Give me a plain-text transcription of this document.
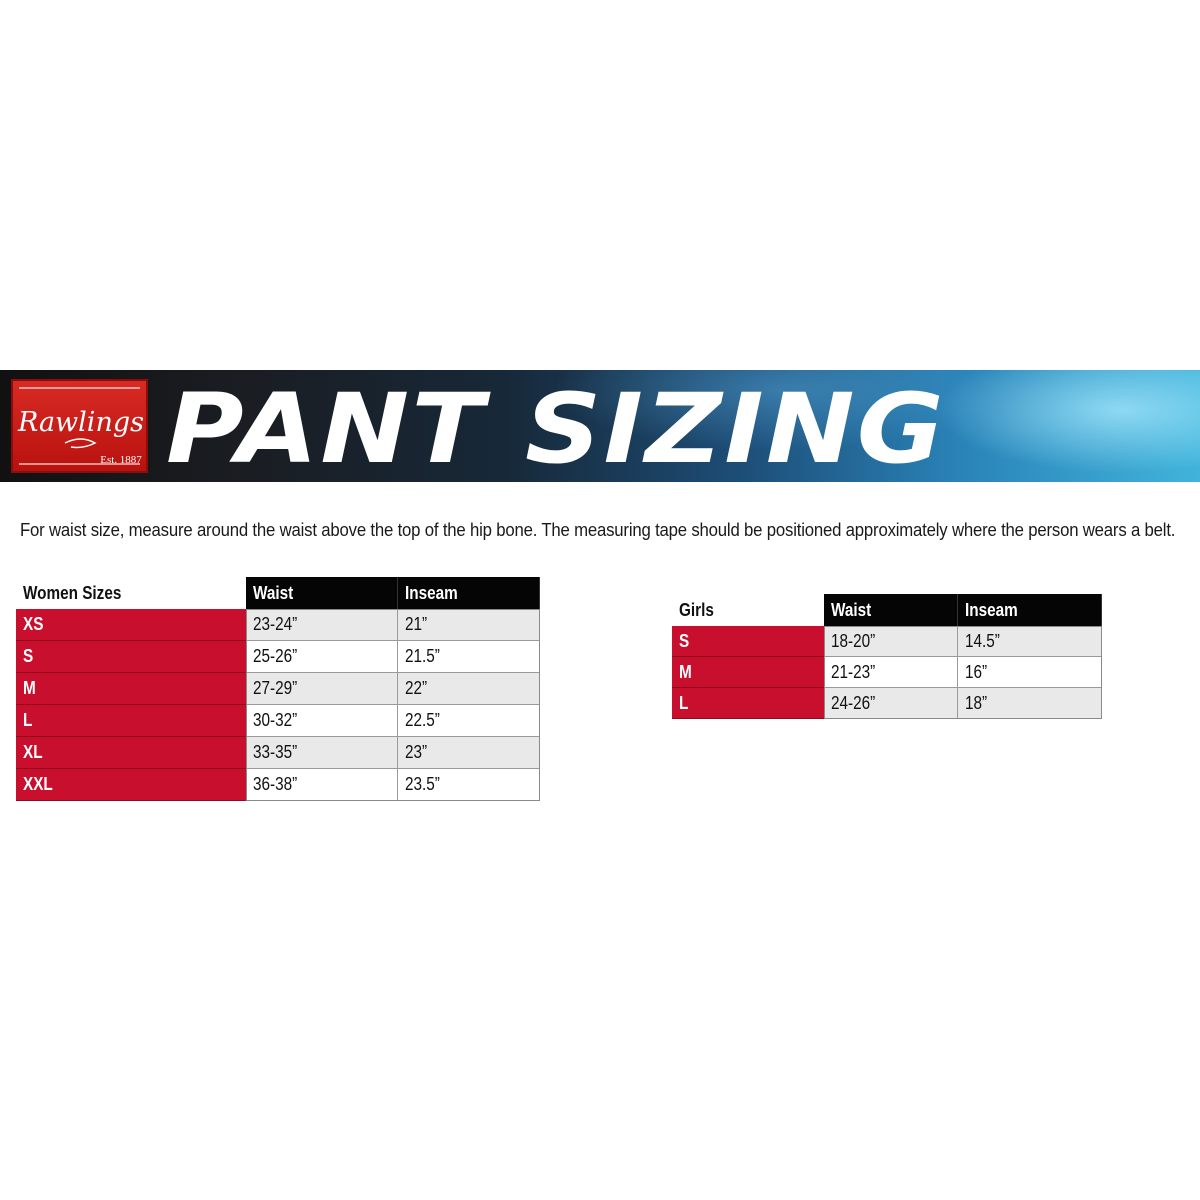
Rawlings
Est. 1887 PANT SIZING
For waist size, measure around the waist above the top of the hip bone. The measuring tape should be positioned approximately where the person wears a belt.
Women Sizes	Waist	Inseam
XS	23-24”	21”
S	25-26”	21.5”
M	27-29”	22”
L	30-32”	22.5”
XL	33-35”	23”
XXL	36-38”	23.5”
Girls	Waist	Inseam
S	18-20”	14.5”
M	21-23”	16”
L	24-26”	18”
